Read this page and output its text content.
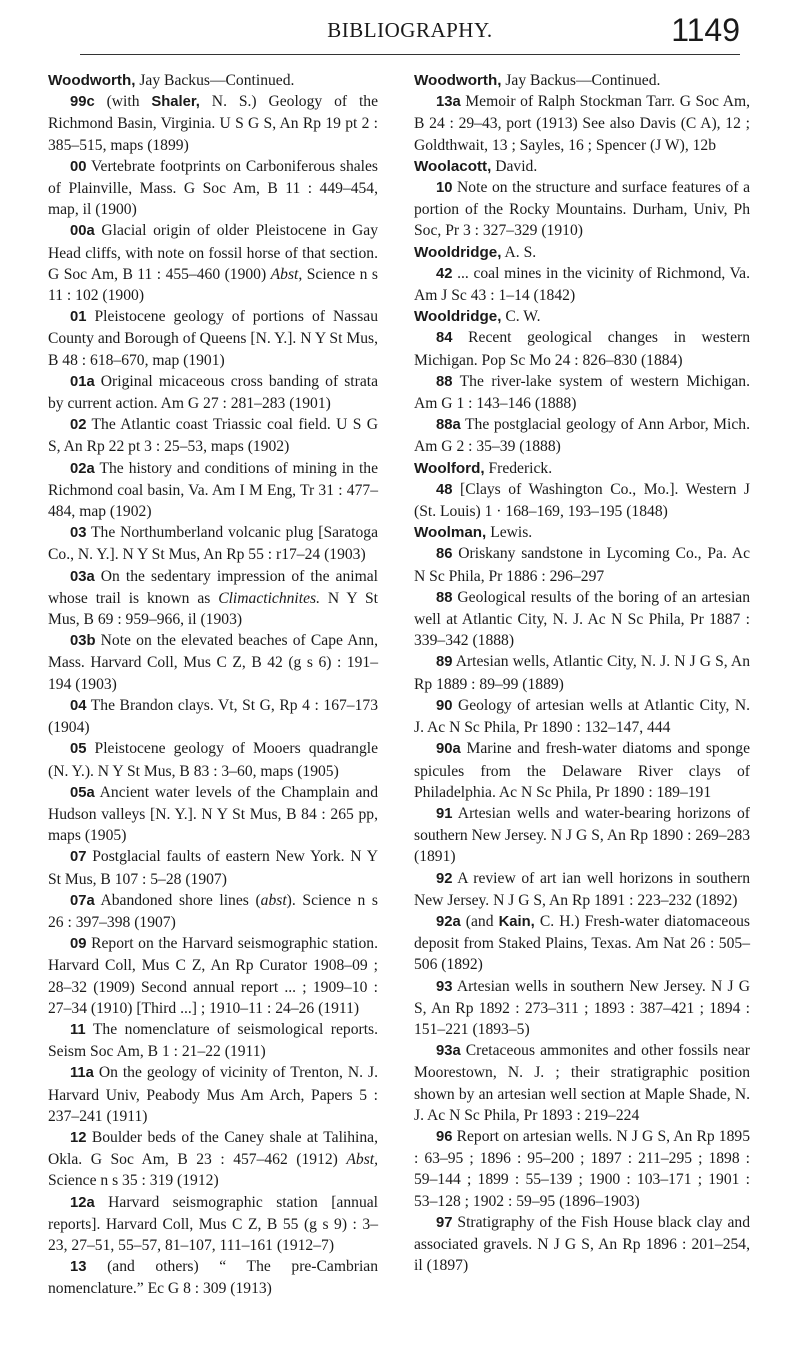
BIBLIOGRAPHY.	1149

Woodworth, Jay Backus—Continued.

99c (with Shaler, N. S.) Geology of the Richmond Basin, Virginia. U S G S, An Rp 19 pt 2 : 385–515, maps (1899)

00 Vertebrate footprints on Carboniferous shales of Plainville, Mass. G Soc Am, B 11 : 449–454, map, il (1900)

00a Glacial origin of older Pleistocene in Gay Head cliffs, with note on fossil horse of that section. G Soc Am, B 11 : 455–460 (1900) Abst, Science n s 11 : 102 (1900)

01 Pleistocene geology of portions of Nassau County and Borough of Queens [N. Y.]. N Y St Mus, B 48 : 618–670, map (1901)

01a Original micaceous cross banding of strata by current action. Am G 27 : 281–283 (1901)

02 The Atlantic coast Triassic coal field. U S G S, An Rp 22 pt 3 : 25–53, maps (1902)

02a The history and conditions of mining in the Richmond coal basin, Va. Am I M Eng, Tr 31 : 477–484, map (1902)

03 The Northumberland volcanic plug [Saratoga Co., N. Y.]. N Y St Mus, An Rp 55 : r17–24 (1903)

03a On the sedentary impression of the animal whose trail is known as Climactichnites. N Y St Mus, B 69 : 959–966, il (1903)

03b Note on the elevated beaches of Cape Ann, Mass. Harvard Coll, Mus C Z, B 42 (g s 6) : 191–194 (1903)

04 The Brandon clays. Vt, St G, Rp 4 : 167–173 (1904)

05 Pleistocene geology of Mooers quadrangle (N. Y.). N Y St Mus, B 83 : 3–60, maps (1905)

05a Ancient water levels of the Champlain and Hudson valleys [N. Y.]. N Y St Mus, B 84 : 265 pp, maps (1905)

07 Postglacial faults of eastern New York. N Y St Mus, B 107 : 5–28 (1907)

07a Abandoned shore lines (abst). Science n s 26 : 397–398 (1907)

09 Report on the Harvard seismographic station. Harvard Coll, Mus C Z, An Rp Curator 1908–09 ; 28–32 (1909) Second annual report ... ; 1909–10 : 27–34 (1910) [Third ...] ; 1910–11 : 24–26 (1911)

11 The nomenclature of seismological reports. Seism Soc Am, B 1 : 21–22 (1911)

11a On the geology of vicinity of Trenton, N. J. Harvard Univ, Peabody Mus Am Arch, Papers 5 : 237–241 (1911)

12 Boulder beds of the Caney shale at Talihina, Okla. G Soc Am, B 23 : 457–462 (1912) Abst, Science n s 35 : 319 (1912)

12a Harvard seismographic station [annual reports]. Harvard Coll, Mus C Z, B 55 (g s 9) : 3–23, 27–51, 55–57, 81–107, 111–161 (1912–7)

13 (and others) “ The pre-Cambrian nomenclature.” Ec G 8 : 309 (1913)

Woodworth, Jay Backus—Continued.

13a Memoir of Ralph Stockman Tarr. G Soc Am, B 24 : 29–43, port (1913) See also Davis (C A), 12 ; Goldthwait, 13 ; Sayles, 16 ; Spencer (J W), 12b

Woolacott, David.

10 Note on the structure and surface features of a portion of the Rocky Mountains. Durham, Univ, Ph Soc, Pr 3 : 327–329 (1910)

Wooldridge, A. S.

42 ... coal mines in the vicinity of Richmond, Va. Am J Sc 43 : 1–14 (1842)

Wooldridge, C. W.

84 Recent geological changes in western Michigan. Pop Sc Mo 24 : 826–830 (1884)

88 The river-lake system of western Michigan. Am G 1 : 143–146 (1888)

88a The postglacial geology of Ann Arbor, Mich. Am G 2 : 35–39 (1888)

Woolford, Frederick.

48 [Clays of Washington Co., Mo.]. Western J (St. Louis) 1 · 168–169, 193–195 (1848)

Woolman, Lewis.

86 Oriskany sandstone in Lycoming Co., Pa. Ac N Sc Phila, Pr 1886 : 296–297

88 Geological results of the boring of an artesian well at Atlantic City, N. J. Ac N Sc Phila, Pr 1887 : 339–342 (1888)

89 Artesian wells, Atlantic City, N. J. N J G S, An Rp 1889 : 89–99 (1889)

90 Geology of artesian wells at Atlantic City, N. J. Ac N Sc Phila, Pr 1890 : 132–147, 444

90a Marine and fresh-water diatoms and sponge spicules from the Delaware River clays of Philadelphia. Ac N Sc Phila, Pr 1890 : 189–191

91 Artesian wells and water-bearing horizons of southern New Jersey. N J G S, An Rp 1890 : 269–283 (1891)

92 A review of art ian well horizons in southern New Jersey. N J G S, An Rp 1891 : 223–232 (1892)

92a (and Kain, C. H.) Fresh-water diatomaceous deposit from Staked Plains, Texas. Am Nat 26 : 505–506 (1892)

93 Artesian wells in southern New Jersey. N J G S, An Rp 1892 : 273–311 ; 1893 : 387–421 ; 1894 : 151–221 (1893–5)

93a Cretaceous ammonites and other fossils near Moorestown, N. J. ; their stratigraphic position shown by an artesian well section at Maple Shade, N. J. Ac N Sc Phila, Pr 1893 : 219–224

96 Report on artesian wells. N J G S, An Rp 1895 : 63–95 ; 1896 : 95–200 ; 1897 : 211–295 ; 1898 : 59–144 ; 1899 : 55–139 ; 1900 : 103–171 ; 1901 : 53–128 ; 1902 : 59–95 (1896–1903)

97 Stratigraphy of the Fish House black clay and associated gravels. N J G S, An Rp 1896 : 201–254, il (1897)
